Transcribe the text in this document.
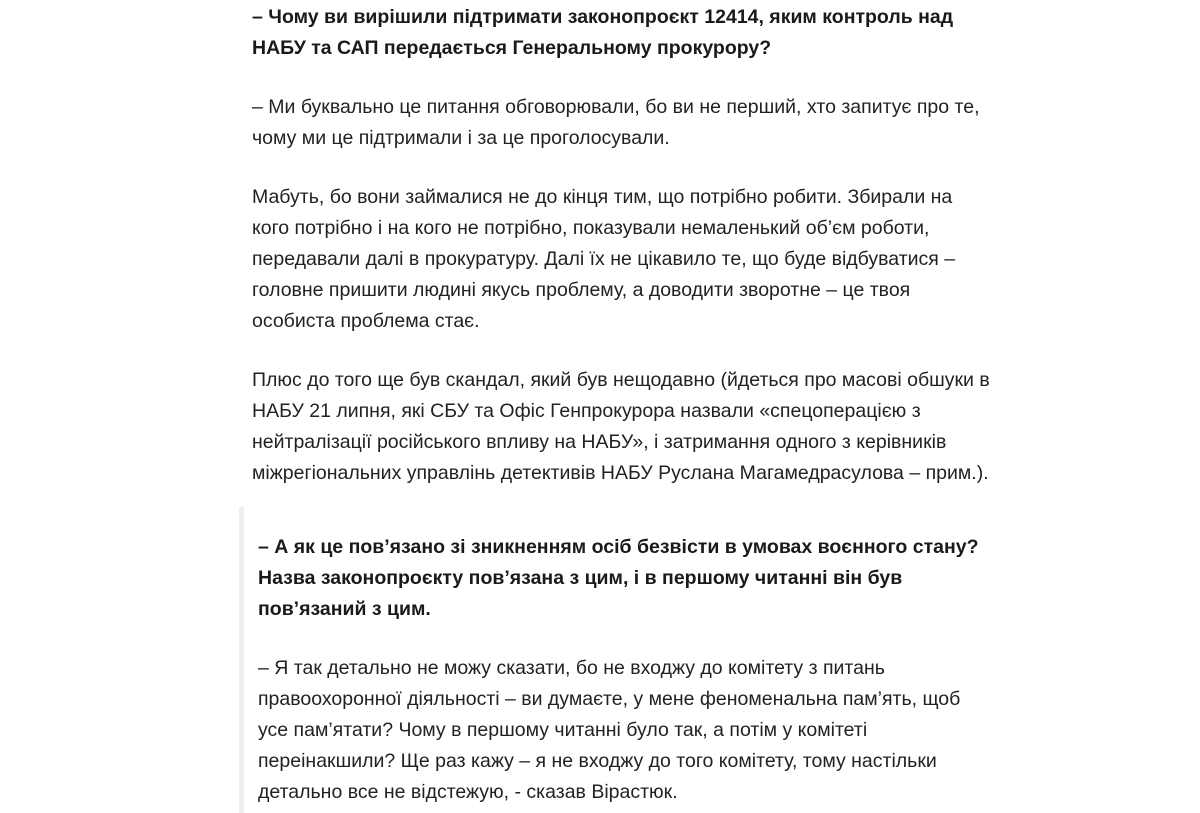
– Чому ви вирішили підтримати законопроєкт 12414, яким контроль над НАБУ та САП передається Генеральному прокурору?

– Ми буквально це питання обговорювали, бо ви не перший, хто запитує про те, чому ми це підтримали і за це проголосували.

Мабуть, бо вони займалися не до кінця тим, що потрібно робити. Збирали на кого потрібно і на кого не потрібно, показували немаленький об’єм роботи, передавали далі в прокуратуру. Далі їх не цікавило те, що буде відбуватися – головне пришити людині якусь проблему, а доводити зворотне – це твоя особиста проблема стає.

Плюс до того ще був скандал, який був нещодавно (йдеться про масові обшуки в НАБУ 21 липня, які СБУ та Офіс Генпрокурора назвали «спецоперацією з нейтралізації російського впливу на НАБУ», і затримання одного з керівників міжрегіональних управлінь детективів НАБУ Руслана Магамедрасулова – прим.).

– А як це пов’язано зі зникненням осіб безвісти в умовах воєнного стану? Назва законопроєкту пов’язана з цим, і в першому читанні він був пов’язаний з цим.

– Я так детально не можу сказати, бо не входжу до комітету з питань правоохоронної діяльності – ви думаєте, у мене феноменальна пам’ять, щоб усе пам’ятати? Чому в першому читанні було так, а потім у комітеті переінакшили? Ще раз кажу – я не входжу до того комітету, тому настільки детально все не відстежую, - сказав Вірастюк.
